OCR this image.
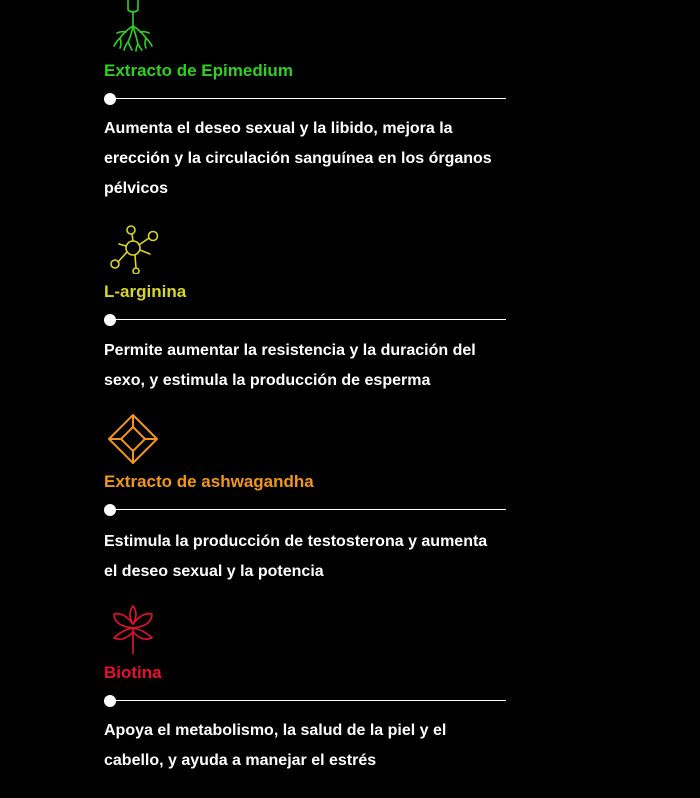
Extracto de Epimedium
Aumenta el deseo sexual y la libido, mejora la erección y la circulación sanguínea en los órganos pélvicos
L-arginina
Permite aumentar la resistencia y la duración del sexo, y estimula la producción de esperma
Extracto de ashwagandha
Estimula la producción de testosterona y aumenta el deseo sexual y la potencia
Biotina
Apoya el metabolismo, la salud de la piel y el cabello, y ayuda a manejar el estrés
